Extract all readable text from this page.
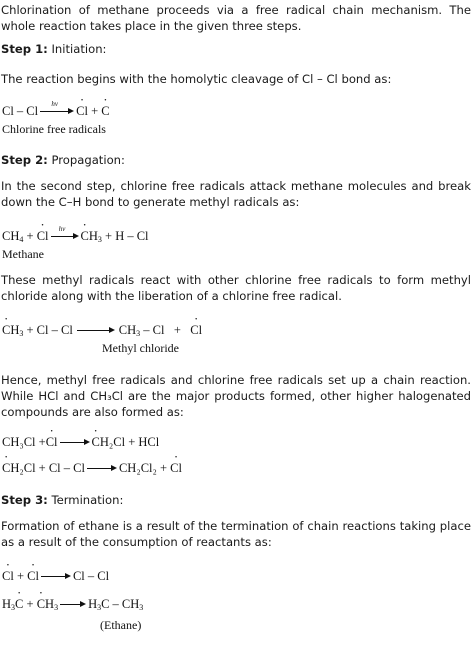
Chlorination of methane proceeds via a free radical chain mechanism. The whole reaction takes place in the given three steps.

Step 1: Initiation:

The reaction begins with the homolytic cleavage of Cl – Cl bond as:

Cl – Cl	hv	· Cl + · C

Chlorine free radicals

Step 2: Propagation:

In the second step, chlorine free radicals attack methane molecules and break down the C–H bond to generate methyl radicals as:

$CH_4$ + · Cl	hv	· $CH_3 + H - Cl$

Methane

These methyl radicals react with other chlorine free radicals to form methyl chloride along with the liberation of a chlorine free radical.

· $CH_3 + Cl - Cl$	$CH_3$ – Cl + · Cl

Methyl chloride

Hence, methyl free radicals and chlorine free radicals set up a chain reaction. While HCl and CH₃Cl are the major products formed, other higher halogenated compounds are also formed as:

CH₃Cl +· Cl	· CH₂Cl + HCl

· CH₂Cl + Cl – Cl	CH₂Cl₂ + · Cl

Step 3: Termination:

Formation of ethane is a result of the termination of chain reactions taking place as a result of the consumption of reactants as:

· Cl + · Cl	Cl – Cl

$H_3\cdot C$ + · $CH_3$ $H_3C - CH_3$

(Ethane)
